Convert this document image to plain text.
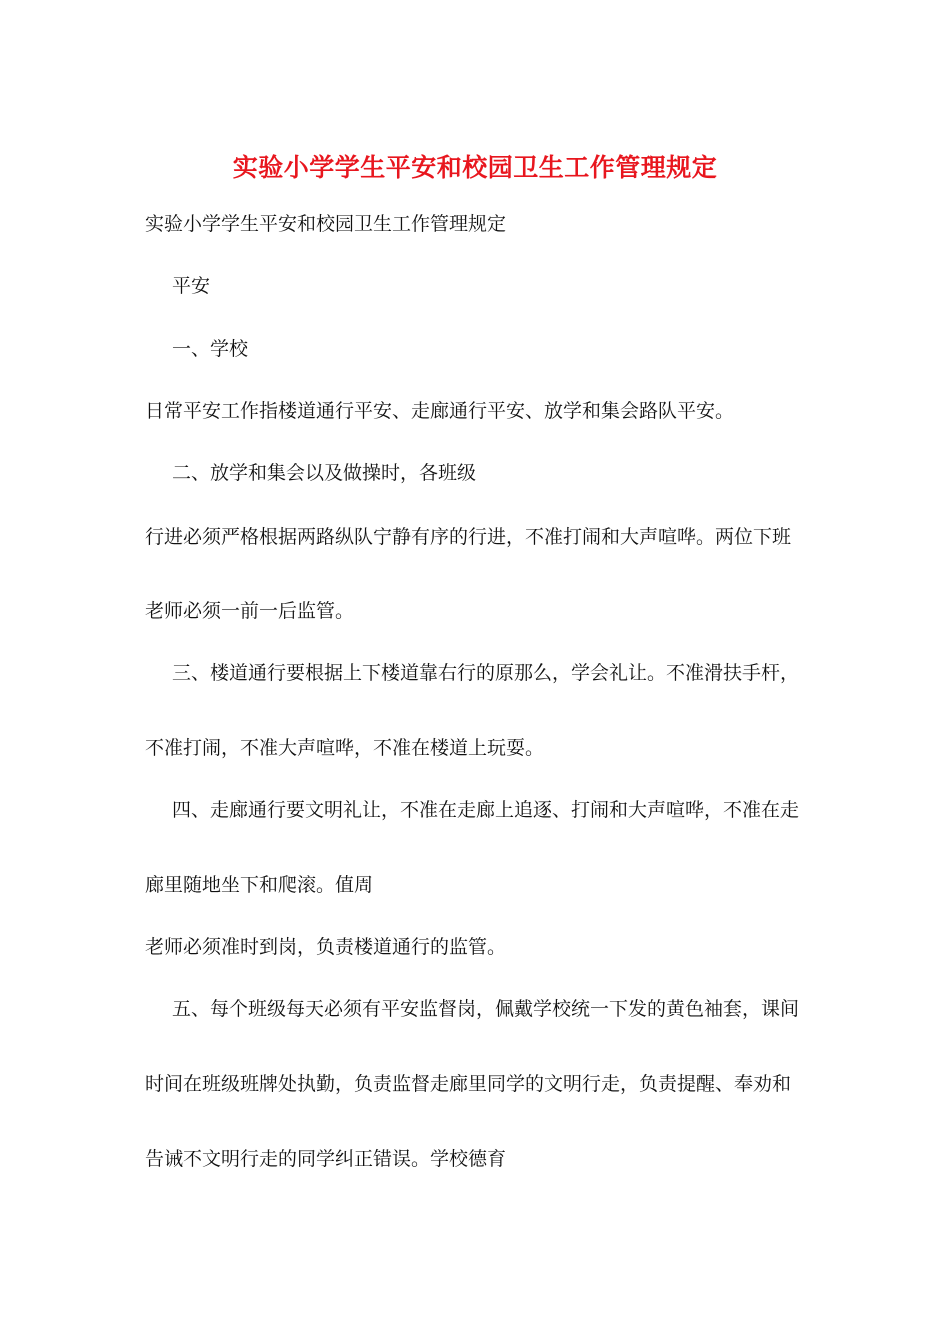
实验小学学生平安和校园卫生工作管理规定
实验小学学生平安和校园卫生工作管理规定
平安
一、学校
日常平安工作指楼道通行平安、走廊通行平安、放学和集会路队平安。
二、放学和集会以及做操时，各班级
行进必须严格根据两路纵队宁静有序的行进，不准打闹和大声喧哗。两位下班
老师必须一前一后监管。
三、楼道通行要根据上下楼道靠右行的原那么，学会礼让。不准滑扶手杆，
不准打闹，不准大声喧哗，不准在楼道上玩耍。
四、走廊通行要文明礼让，不准在走廊上追逐、打闹和大声喧哗，不准在走
廊里随地坐下和爬滚。值周
老师必须准时到岗，负责楼道通行的监管。
五、每个班级每天必须有平安监督岗，佩戴学校统一下发的黄色袖套，课间
时间在班级班牌处执勤，负责监督走廊里同学的文明行走，负责提醒、奉劝和
告诫不文明行走的同学纠正错误。学校德育
